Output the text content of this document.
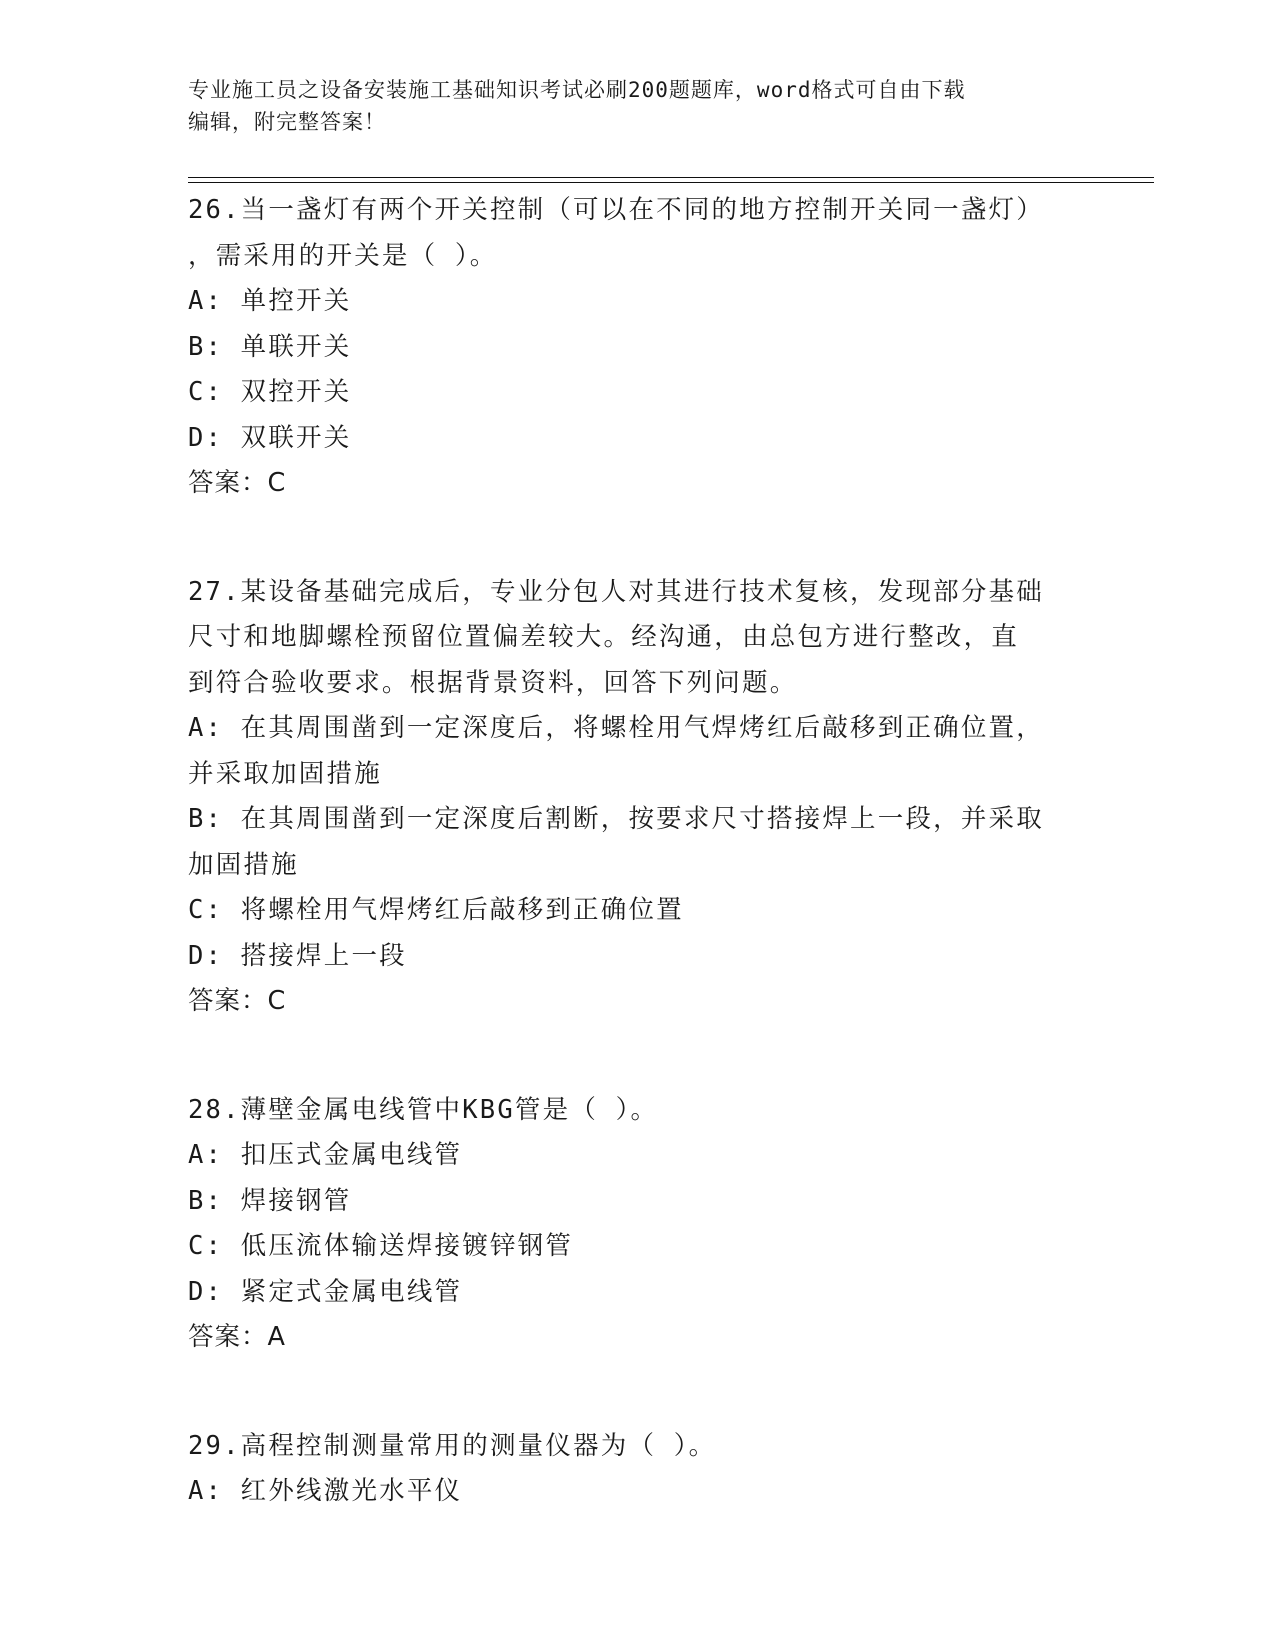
专业施工员之设备安装施工基础知识考试必刷200题题库，word格式可自由下载
编辑，附完整答案！
26.当一盏灯有两个开关控制（可以在不同的地方控制开关同一盏灯）
，需采用的开关是（ ）。
A: 单控开关
B: 单联开关
C: 双控开关
D: 双联开关
答案：C
27.某设备基础完成后，专业分包人对其进行技术复核，发现部分基础
尺寸和地脚螺栓预留位置偏差较大。经沟通，由总包方进行整改，直
到符合验收要求。根据背景资料，回答下列问题。
A: 在其周围凿到一定深度后，将螺栓用气焊烤红后敲移到正确位置，
并采取加固措施
B: 在其周围凿到一定深度后割断，按要求尺寸搭接焊上一段，并采取
加固措施
C: 将螺栓用气焊烤红后敲移到正确位置
D: 搭接焊上一段
答案：C
28.薄壁金属电线管中KBG管是（ ）。
A: 扣压式金属电线管
B: 焊接钢管
C: 低压流体输送焊接镀锌钢管
D: 紧定式金属电线管
答案：A
29.高程控制测量常用的测量仪器为（ ）。
A: 红外线激光水平仪
